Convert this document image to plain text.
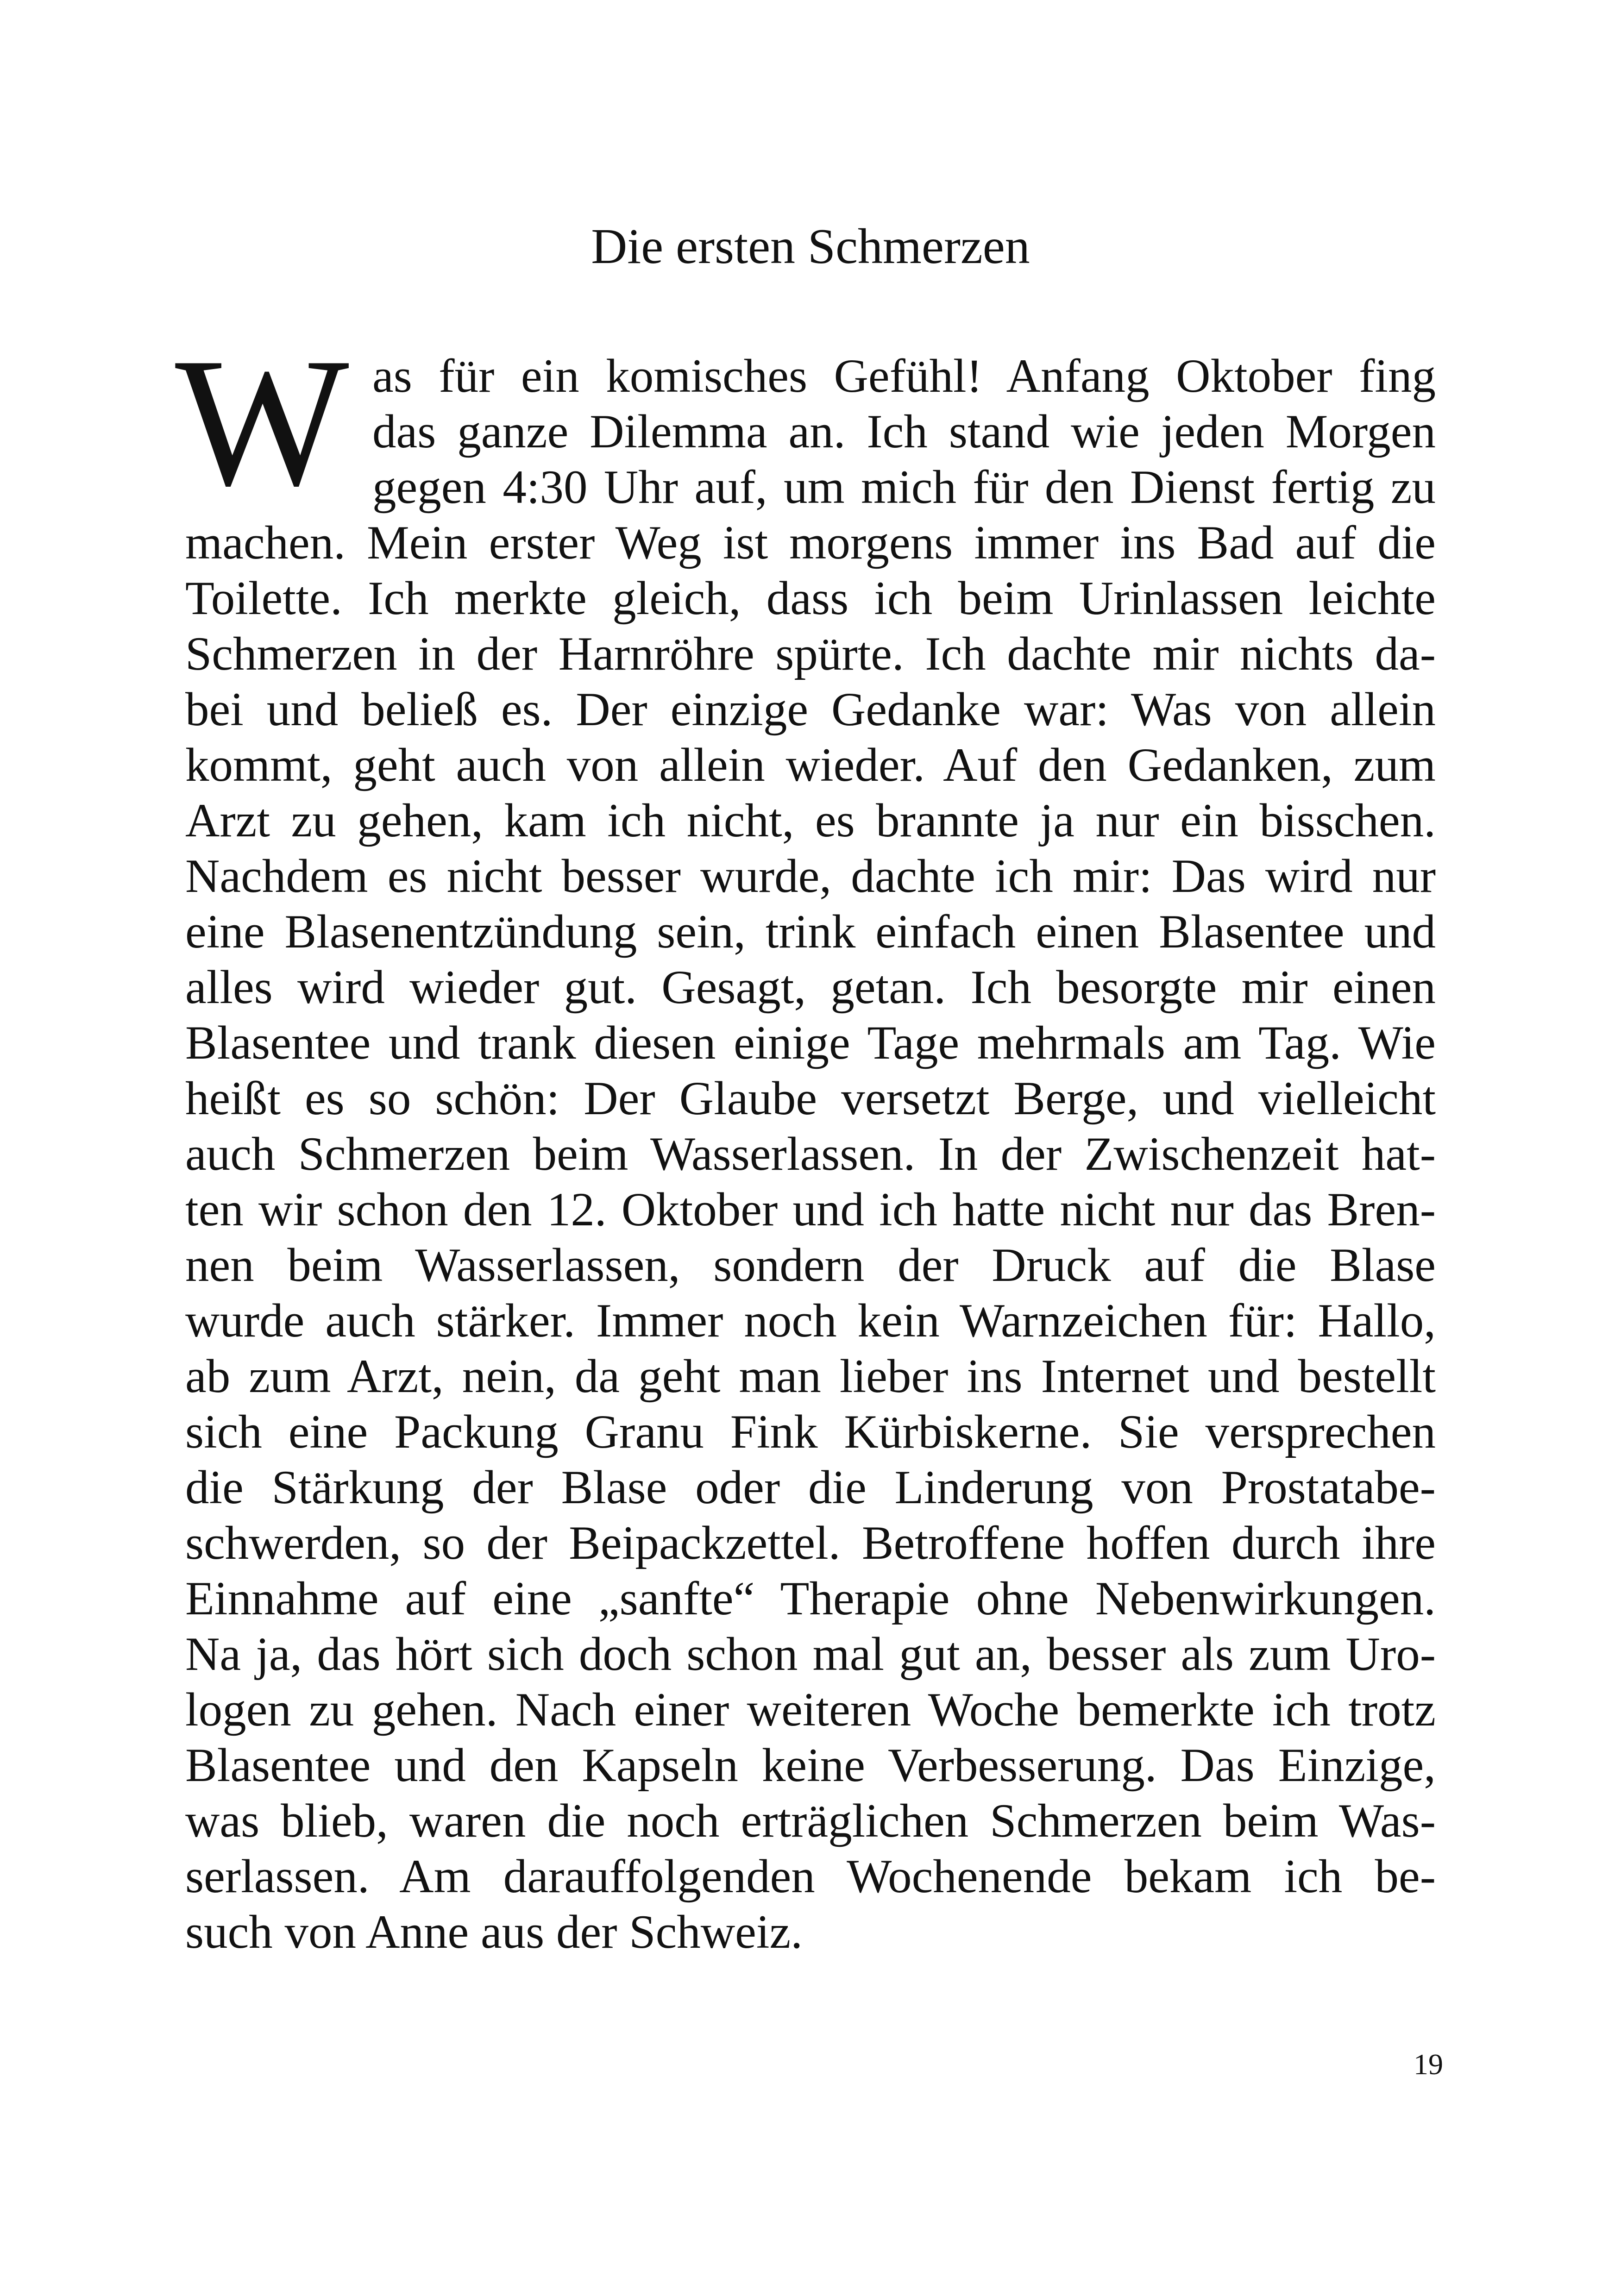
Die ersten Schmerzen
W as für ein komisches Gefühl! Anfang Oktober fing
das ganze Dilemma an. Ich stand wie jeden Morgen
gegen 4:30 Uhr auf, um mich für den Dienst fertig zu
machen. Mein erster Weg ist morgens immer ins Bad auf die
Toilette. Ich merkte gleich, dass ich beim Urinlassen leichte
Schmerzen in der Harnröhre spürte. Ich dachte mir nichts da-
bei und beließ es. Der einzige Gedanke war: Was von allein
kommt, geht auch von allein wieder. Auf den Gedanken, zum
Arzt zu gehen, kam ich nicht, es brannte ja nur ein bisschen.
Nachdem es nicht besser wurde, dachte ich mir: Das wird nur
eine Blasenentzündung sein, trink einfach einen Blasentee und
alles wird wieder gut. Gesagt, getan. Ich besorgte mir einen
Blasentee und trank diesen einige Tage mehrmals am Tag. Wie
heißt es so schön: Der Glaube versetzt Berge, und vielleicht
auch Schmerzen beim Wasserlassen. In der Zwischenzeit hat-
ten wir schon den 12. Oktober und ich hatte nicht nur das Bren-
nen beim Wasserlassen, sondern der Druck auf die Blase
wurde auch stärker. Immer noch kein Warnzeichen für: Hallo,
ab zum Arzt, nein, da geht man lieber ins Internet und bestellt
sich eine Packung Granu Fink Kürbiskerne. Sie versprechen
die Stärkung der Blase oder die Linderung von Prostatabe-
schwerden, so der Beipackzettel. Betroffene hoffen durch ihre
Einnahme auf eine „sanfte“ Therapie ohne Nebenwirkungen.
Na ja, das hört sich doch schon mal gut an, besser als zum Uro-
logen zu gehen. Nach einer weiteren Woche bemerkte ich trotz
Blasentee und den Kapseln keine Verbesserung. Das Einzige,
was blieb, waren die noch erträglichen Schmerzen beim Was-
serlassen. Am darauffolgenden Wochenende bekam ich be-
such von Anne aus der Schweiz.
19
